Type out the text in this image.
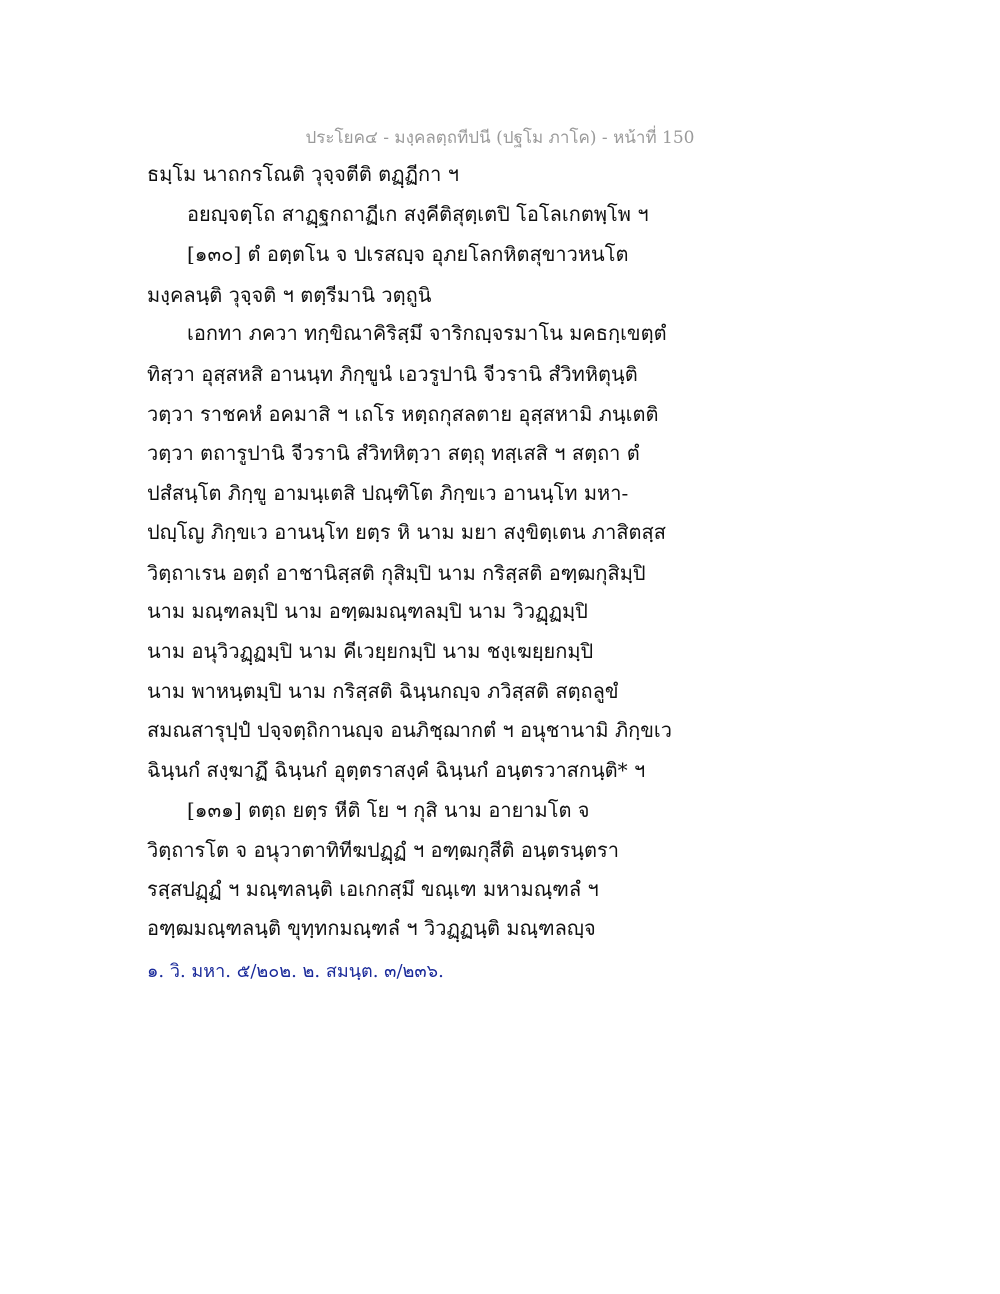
ประโยค๔ - มงฺคลตฺถทีปนี (ปฐโม ภาโค) - หน้าที่ 150
ธมฺโม นาถกรโณติ วุจฺจตีติ ตฏฺฏีกา ฯ
อยญฺจตฺโถ สาฏฺฐกถาฏีเก สงฺคีติสุตฺเตปิ โอโลเกตพฺโพ ฯ
[๑๓๐] ตํ อตฺตโน จ ปเรสญฺจ อุภยโลกหิตสุขาวหนโต
มงฺคลนฺติ วุจฺจติ ฯ ตตฺรีมานิ วตฺถูนิ
เอกทา ภควา ทกฺขิณาคิริสฺมึ จาริกญฺจรมาโน มคธกฺเขตฺตํ
ทิสฺวา อุสฺสหสิ อานนฺท ภิกฺขูนํ เอวรูปานิ จีวรานิ สํวิทหิตุนฺติ
วตฺวา ราชคหํ อคมาสิ ฯ เถโร หตฺถกุสลตาย อุสฺสหามิ ภนฺเตติ
วตฺวา ตถารูปานิ จีวรานิ สํวิทหิตฺวา สตฺถุ ทสฺเสสิ ฯ สตฺถา ตํ
ปสํสนฺโต ภิกฺขู อามนฺเตสิ ปณฺฑิโต ภิกฺขเว อานนฺโท มหา-
ปญฺโญ ภิกฺขเว อานนฺโท ยตฺร หิ นาม มยา สงฺขิตฺเตน ภาสิตสฺส
วิตฺถาเรน อตฺถํ อาชานิสฺสติ กุสิมฺปิ นาม กริสฺสติ อฑฺฒกุสิมฺปิ
นาม มณฺฑลมฺปิ นาม อฑฺฒมณฺฑลมฺปิ นาม วิวฏฺฏมฺปิ
นาม อนุวิวฏฺฏมฺปิ นาม คีเวยฺยกมฺปิ นาม ชงฺเฆยฺยกมฺปิ
นาม พาหนฺตมฺปิ นาม กริสฺสติ ฉินฺนกญฺจ ภวิสฺสติ สตฺถลูขํ
สมณสารุปฺปํ ปจฺจตฺถิกานญฺจ อนภิชฺฌากตํ ฯ อนุชานามิ ภิกฺขเว
ฉินฺนกํ สงฺฆาฏึ ฉินฺนกํ อุตฺตราสงฺคํ ฉินฺนกํ อนฺตรวาสกนฺติ* ฯ
[๑๓๑] ตตฺถ ยตฺร หีติ โย ฯ กุสิ นาม อายามโต จ
วิตฺถารโต จ อนุวาตาทิทีฆปฏฺฏํ ฯ อฑฺฒกุสีติ อนฺตรนฺตรา
รสฺสปฏฺฏํ ฯ มณฺฑลนฺติ เอเกกสฺมึ ขณฺเฑ มหามณฺฑลํ ฯ
อฑฺฒมณฺฑลนฺติ ขุทฺทกมณฺฑลํ ฯ วิวฏฺฏนฺติ มณฺฑลญฺจ
๑. วิ. มหา. ๕/๒๐๒. ๒. สมนฺต. ๓/๒๓๖.
